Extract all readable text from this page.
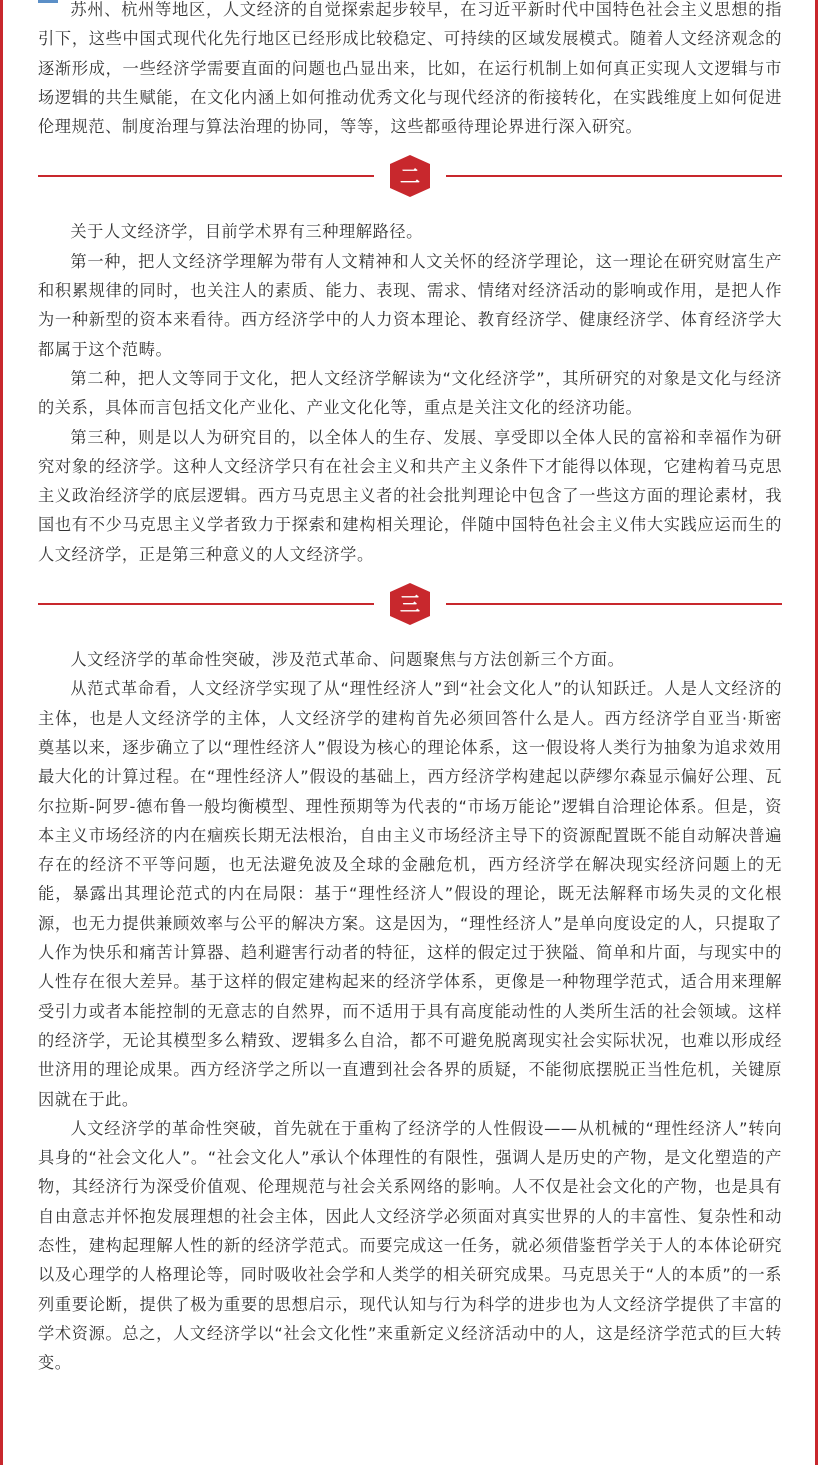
苏州、杭州等地区，人文经济的自觉探索起步较早，在习近平新时代中国特色社会主义思想的指引下，这些中国式现代化先行地区已经形成比较稳定、可持续的区域发展模式。随着人文经济观念的逐渐形成，一些经济学需要直面的问题也凸显出来，比如，在运行机制上如何真正实现人文逻辑与市场逻辑的共生赋能，在文化内涵上如何推动优秀文化与现代经济的衔接转化，在实践维度上如何促进伦理规范、制度治理与算法治理的协同，等等，这些都亟待理论界进行深入研究。

二

关于人文经济学，目前学术界有三种理解路径。

第一种，把人文经济学理解为带有人文精神和人文关怀的经济学理论，这一理论在研究财富生产和积累规律的同时，也关注人的素质、能力、表现、需求、情绪对经济活动的影响或作用，是把人作为一种新型的资本来看待。西方经济学中的人力资本理论、教育经济学、健康经济学、体育经济学大都属于这个范畴。

第二种，把人文等同于文化，把人文经济学解读为“文化经济学”，其所研究的对象是文化与经济的关系，具体而言包括文化产业化、产业文化化等，重点是关注文化的经济功能。

第三种，则是以人为研究目的，以全体人的生存、发展、享受即以全体人民的富裕和幸福作为研究对象的经济学。这种人文经济学只有在社会主义和共产主义条件下才能得以体现，它建构着马克思主义政治经济学的底层逻辑。西方马克思主义者的社会批判理论中包含了一些这方面的理论素材，我国也有不少马克思主义学者致力于探索和建构相关理论，伴随中国特色社会主义伟大实践应运而生的人文经济学，正是第三种意义的人文经济学。

三

人文经济学的革命性突破，涉及范式革命、问题聚焦与方法创新三个方面。

从范式革命看，人文经济学实现了从“理性经济人”到“社会文化人”的认知跃迁。人是人文经济的主体，也是人文经济学的主体，人文经济学的建构首先必须回答什么是人。西方经济学自亚当·斯密奠基以来，逐步确立了以“理性经济人”假设为核心的理论体系，这一假设将人类行为抽象为追求效用最大化的计算过程。在“理性经济人”假设的基础上，西方经济学构建起以萨缪尔森显示偏好公理、瓦尔拉斯-阿罗-德布鲁一般均衡模型、理性预期等为代表的“市场万能论”逻辑自洽理论体系。但是，资本主义市场经济的内在痼疾长期无法根治，自由主义市场经济主导下的资源配置既不能自动解决普遍存在的经济不平等问题，也无法避免波及全球的金融危机，西方经济学在解决现实经济问题上的无能，暴露出其理论范式的内在局限：基于“理性经济人”假设的理论，既无法解释市场失灵的文化根源，也无力提供兼顾效率与公平的解决方案。这是因为，“理性经济人”是单向度设定的人，只提取了人作为快乐和痛苦计算器、趋利避害行动者的特征，这样的假定过于狭隘、简单和片面，与现实中的人性存在很大差异。基于这样的假定建构起来的经济学体系，更像是一种物理学范式，适合用来理解受引力或者本能控制的无意志的自然界，而不适用于具有高度能动性的人类所生活的社会领域。这样的经济学，无论其模型多么精致、逻辑多么自洽，都不可避免脱离现实社会实际状况，也难以形成经世济用的理论成果。西方经济学之所以一直遭到社会各界的质疑，不能彻底摆脱正当性危机，关键原因就在于此。

人文经济学的革命性突破，首先就在于重构了经济学的人性假设——从机械的“理性经济人”转向具身的“社会文化人”。“社会文化人”承认个体理性的有限性，强调人是历史的产物，是文化塑造的产物，其经济行为深受价值观、伦理规范与社会关系网络的影响。人不仅是社会文化的产物，也是具有自由意志并怀抱发展理想的社会主体，因此人文经济学必须面对真实世界的人的丰富性、复杂性和动态性，建构起理解人性的新的经济学范式。而要完成这一任务，就必须借鉴哲学关于人的本体论研究以及心理学的人格理论等，同时吸收社会学和人类学的相关研究成果。马克思关于“人的本质”的一系列重要论断，提供了极为重要的思想启示，现代认知与行为科学的进步也为人文经济学提供了丰富的学术资源。总之，人文经济学以“社会文化性”来重新定义经济活动中的人，这是经济学范式的巨大转变。
